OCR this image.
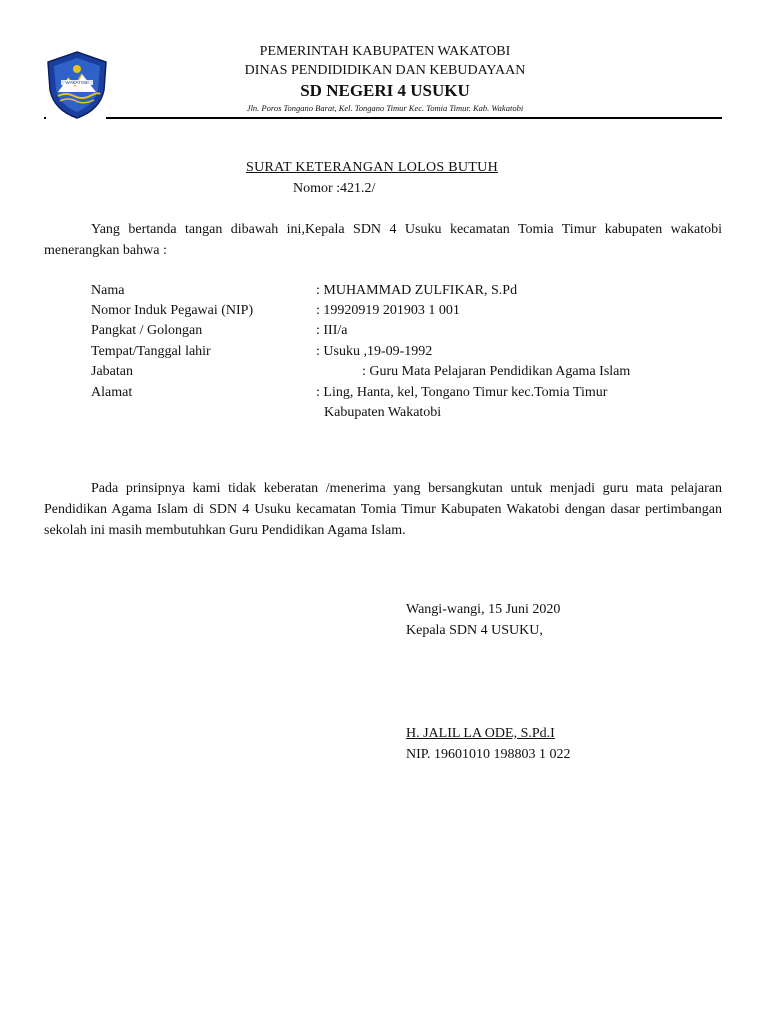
WAKATOBI
PEMERINTAH KABUPATEN WAKATOBI
DINAS PENDIDIDIKAN DAN KEBUDAYAAN
SD NEGERI 4 USUKU
Jln. Poros Tongano Barat, Kel. Tongano Timur Kec. Tomia Timur. Kab. Wakatobi
SURAT KETERANGAN LOLOS BUTUH
Nomor :421.2/
Yang bertanda tangan dibawah ini,Kepala SDN 4 Usuku kecamatan Tomia Timur kabupaten wakatobi menerangkan bahwa :
Nama	: MUHAMMAD ZULFIKAR, S.Pd
Nomor Induk Pegawai (NIP)	: 19920919 201903 1 001
Pangkat / Golongan	: III/a
Tempat/Tanggal lahir	: Usuku ,19-09-1992
Jabatan	: Guru Mata Pelajaran Pendidikan Agama Islam
Alamat	: Ling, Hanta, kel, Tongano Timur kec.Tomia Timur
Kabupaten Wakatobi
Pada prinsipnya kami tidak keberatan /menerima yang bersangkutan untuk menjadi guru mata pelajaran Pendidikan Agama Islam di SDN 4 Usuku kecamatan Tomia Timur Kabupaten Wakatobi dengan dasar pertimbangan sekolah ini masih membutuhkan Guru Pendidikan Agama Islam.
Wangi-wangi, 15 Juni 2020
Kepala SDN 4 USUKU,
H. JALIL LA ODE, S.Pd.I
NIP. 19601010 198803 1 022
